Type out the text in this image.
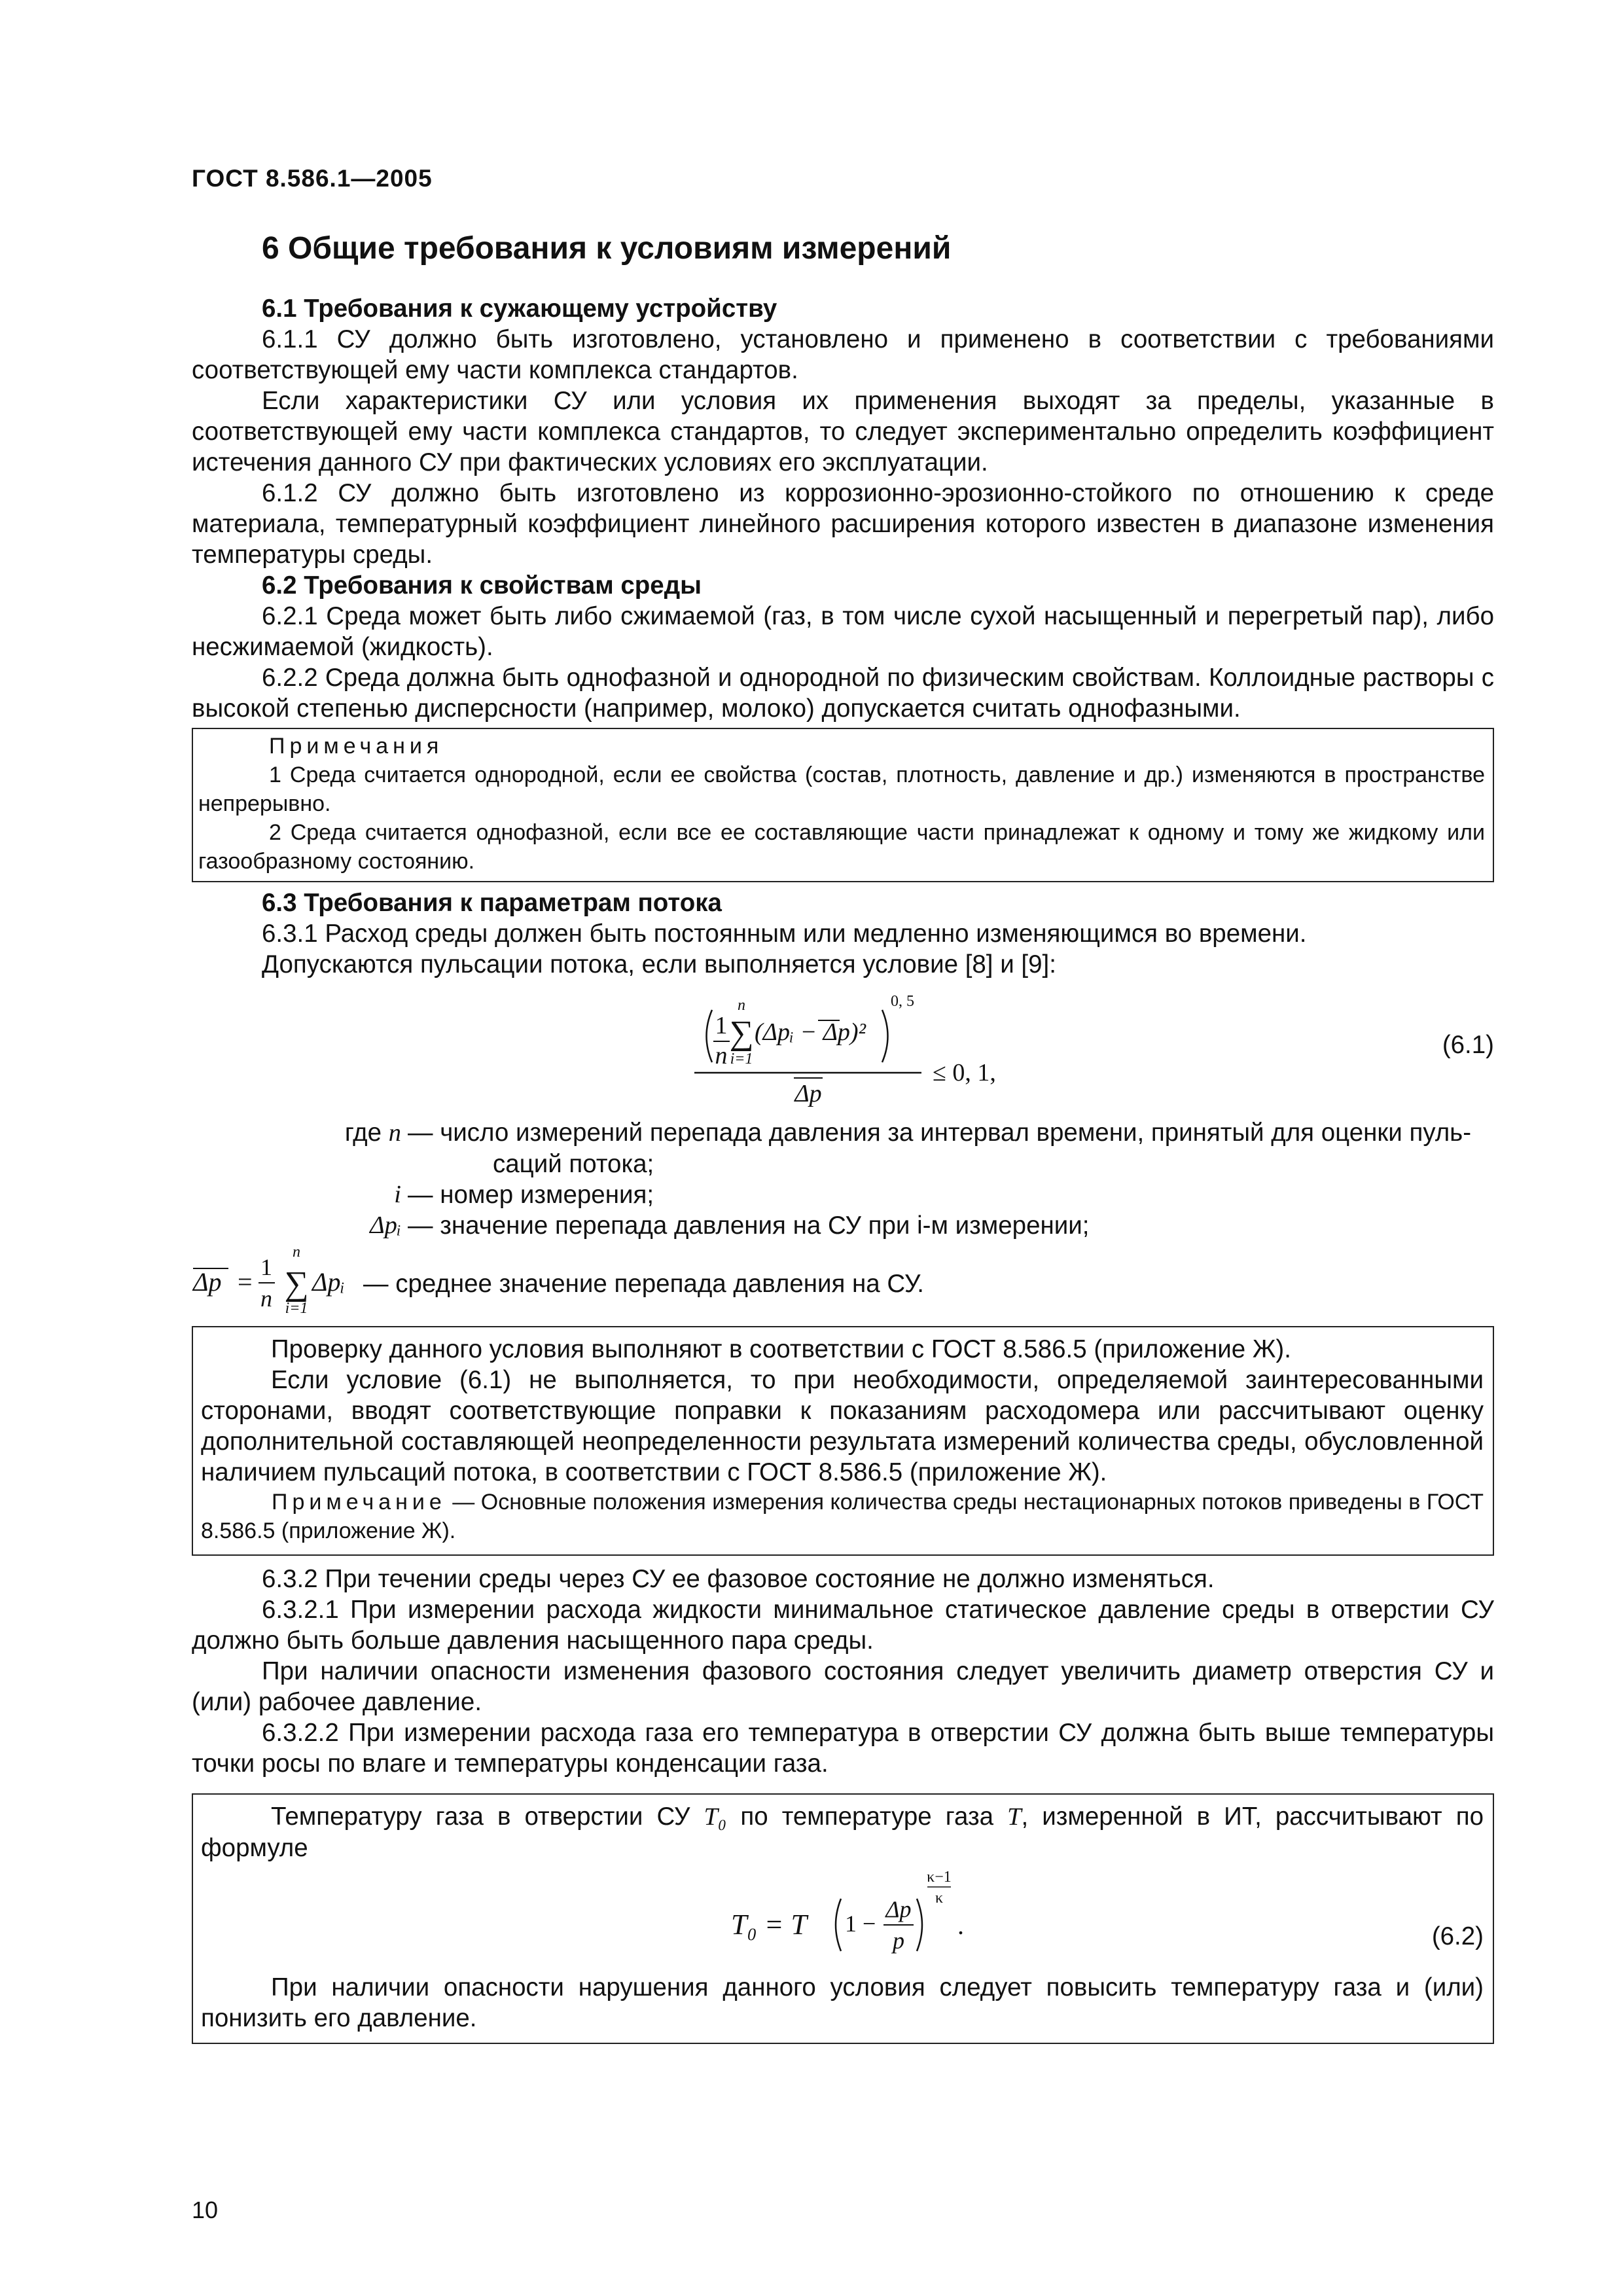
ГОСТ 8.586.1—2005

6 Общие требования к условиям измерений

6.1 Требования к сужающему устройству

6.1.1 СУ должно быть изготовлено, установлено и применено в соответствии с требованиями соответствующей ему части комплекса стандартов.

Если характеристики СУ или условия их применения выходят за пределы, указанные в соответствующей ему части комплекса стандартов, то следует экспериментально определить коэффициент истечения данного СУ при фактических условиях его эксплуатации.

6.1.2 СУ должно быть изготовлено из коррозионно-эрозионно-стойкого по отношению к среде материала, температурный коэффициент линейного расширения которого известен в диапазоне изменения температуры среды.

6.2 Требования к свойствам среды

6.2.1 Среда может быть либо сжимаемой (газ, в том числе сухой насыщенный и перегретый пар), либо несжимаемой (жидкость).

6.2.2 Среда должна быть однофазной и однородной по физическим свойствам. Коллоидные растворы с высокой степенью дисперсности (например, молоко) допускается считать однофазными.

Примечания

1 Среда считается однородной, если ее свойства (состав, плотность, давление и др.) изменяются в пространстве непрерывно.

2 Среда считается однофазной, если все ее составляющие части принадлежат к одному и тому же жидкому или газообразному состоянию.

6.3 Требования к параметрам потока

6.3.1 Расход среды должен быть постоянным или медленно изменяющимся во времени.

Допускаются пульсации потока, если выполняется условие [8] и [9]:

1
n
n
∑
i=1
(Δpᵢ − Δp)²
0, 5
Δp
≤ 0, 1,
(6.1)
где n — число измерений перепада давления за интервал времени, принятый для оценки пуль-
саций потока;
i — номер измерения;
Δpᵢ — значение перепада давления на СУ при i-м измерении;
Δp = 1
n
n
∑
i=1
Δpᵢ — среднее значение перепада давления на СУ.

Проверку данного условия выполняют в соответствии с ГОСТ 8.586.5 (приложение Ж).

Если условие (6.1) не выполняется, то при необходимости, определяемой заинтересованными сторонами, вводят соответствующие поправки к показаниям расходомера или рассчитывают оценку дополнительной составляющей неопределенности результата измерений количества среды, обусловленной наличием пульсаций потока, в соответствии с ГОСТ 8.586.5 (приложение Ж).

Примечание — Основные положения измерения количества среды нестационарных потоков приведены в ГОСТ 8.586.5 (приложение Ж).

6.3.2 При течении среды через СУ ее фазовое состояние не должно изменяться.

6.3.2.1 При измерении расхода жидкости минимальное статическое давление среды в отверстии СУ должно быть больше давления насыщенного пара среды.

При наличии опасности изменения фазового состояния следует увеличить диаметр отверстия СУ и (или) рабочее давление.

6.3.2.2 При измерении расхода газа его температура в отверстии СУ должна быть выше температуры точки росы по влаге и температуры конденсации газа.

Температуру газа в отверстии СУ T₀ по температуре газа T, измеренной в ИТ, рассчитывают по формуле

T₀ = T 1 −
Δp
p
κ−1
κ
.	(6.2)

При наличии опасности нарушения данного условия следует повысить температуру газа и (или) понизить его давление.

10
